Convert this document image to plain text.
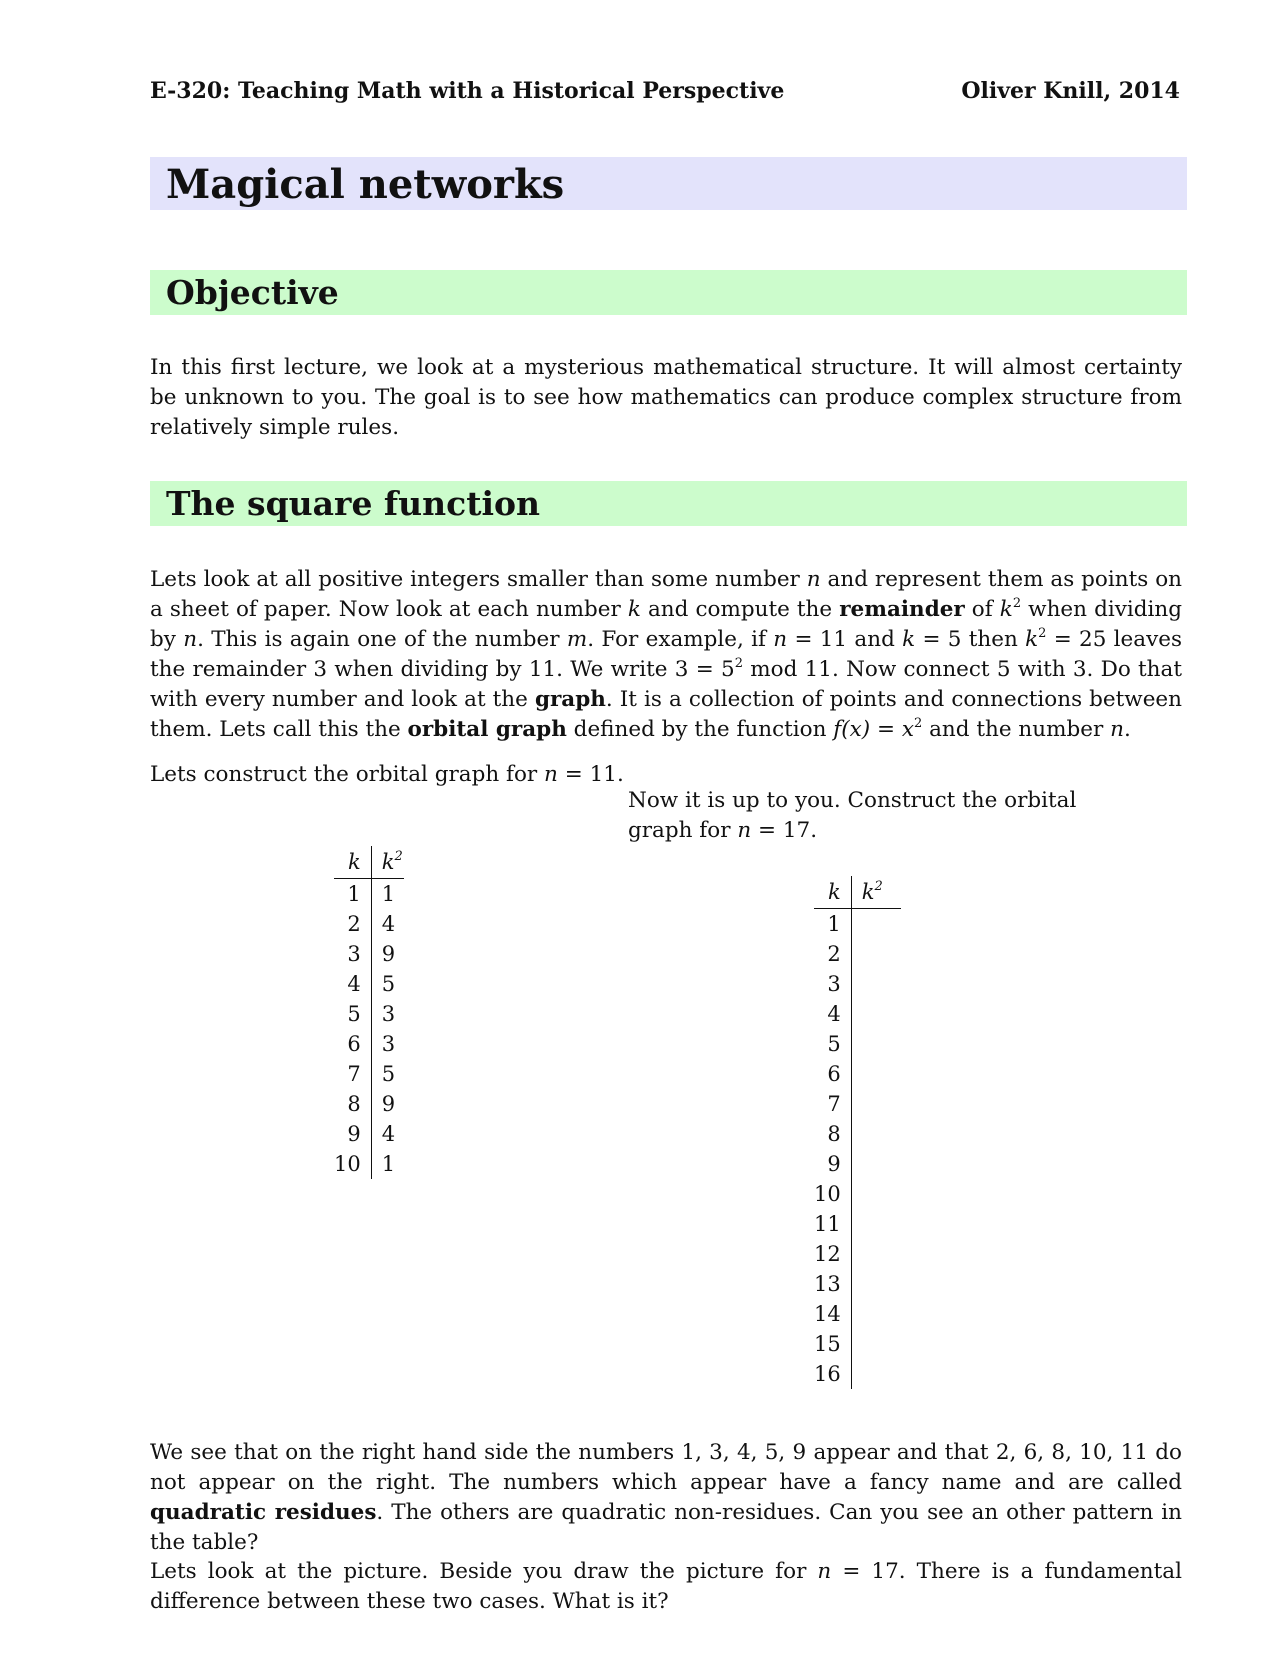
E-320: Teaching Math with a Historical Perspective	Oliver Knill, 2014
Magical networks
Objective

In this first lecture, we look at a mysterious mathematical structure. It will almost certainty be unknown to you. The goal is to see how mathematics can produce complex structure from relatively simple rules.

The square function

Lets look at all positive integers smaller than some number n and represent them as points on a sheet of paper. Now look at each number k and compute the remainder of $k^2$ when dividing by n. This is again one of the number m. For example, if n = 11 and k = 5 then $k^2 = 25$ leaves the remainder 3 when dividing by 11. We write $3 = 5^2$ mod 11. Now connect 5 with 3. Do that with every number and look at the graph. It is a collection of points and connections between them. Lets call this the orbital graph defined by the function $f(x) = x^2$ and the number n.

Lets construct the orbital graph for n = 11.

Now it is up to you. Construct the orbital graph for n = 17.

k	$k^2$
1	1
2	4
3	9
4	5
5	3
6	3
7	5
8	9
9	4
10	1
k	$k^2$
1	
2	
3	
4	
5	
6	
7	
8	
9	
10	
11	
12	
13	
14	
15	
16	

We see that on the right hand side the numbers 1, 3, 4, 5, 9 appear and that 2, 6, 8, 10, 11 do not appear on the right. The numbers which appear have a fancy name and are called quadratic residues. The others are quadratic non-residues. Can you see an other pattern in the table?

Lets look at the picture. Beside you draw the picture for n = 17. There is a fundamental difference between these two cases. What is it?
